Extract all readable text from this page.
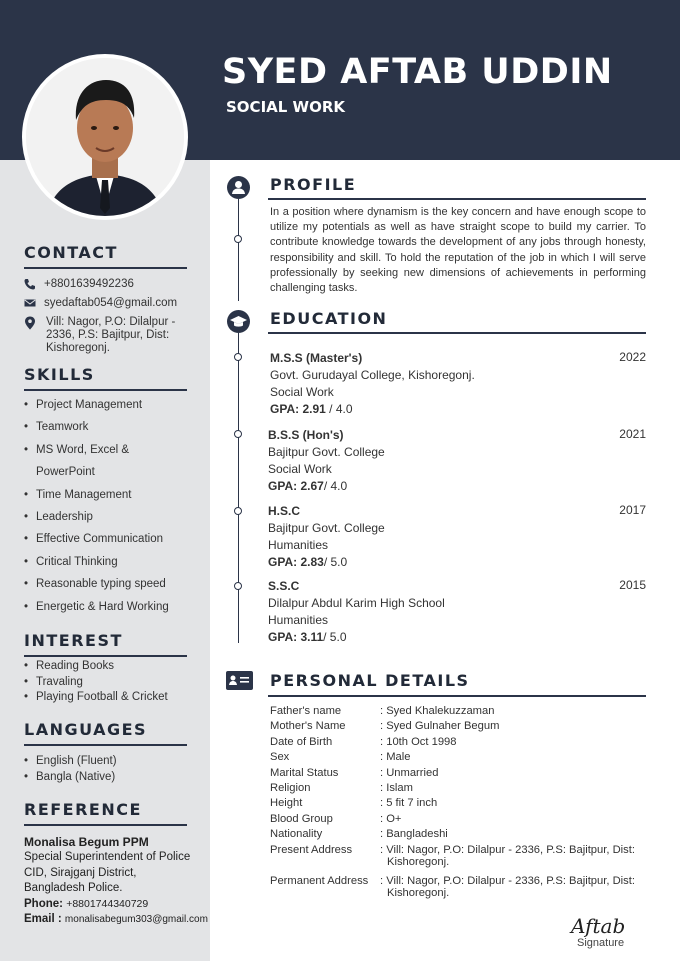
SYED AFTAB UDDIN
SOCIAL WORK
CONTACT
+8801639492236
syedaftab054@gmail.com
Vill: Nagor, P.O: Dilalpur -
2336, P.S: Bajitpur, Dist:
Kishoregonj.
SKILLS
• Project Management
• Teamwork
• MS Word, Excel &
PowerPoint
• Time Management
• Leadership
• Effective Communication
• Critical Thinking
• Reasonable typing speed
• Energetic & Hard Working
INTEREST
• Reading Books
• Travaling
• Playing Football & Cricket
LANGUAGES
• English (Fluent)
• Bangla (Native)
REFERENCE
Monalisa Begum PPM
Special Superintendent of Police
CID, Sirajganj District,
Bangladesh Police.
Phone: +8801744340729
Email : monalisabegum303@gmail.com
PROFILE
In a position where dynamism is the key concern and have enough scope to utilize my potentials as well as have straight scope to build my carrier. To contribute knowledge towards the development of any jobs through honesty, responsibility and skill. To hold the reputation of the job in which I will serve professionally by seeking new dimensions of achievements in performing challenging tasks.
EDUCATION
M.S.S (Master's)	2022
Govt. Gurudayal College, Kishoregonj.
Social Work
GPA: 2.91 / 4.0
B.S.S (Hon's)	2021
Bajitpur Govt. College
Social Work
GPA: 2.67/ 4.0
H.S.C	2017
Bajitpur Govt. College
Humanities
GPA: 2.83/ 5.0
S.S.C	2015
Dilalpur Abdul Karim High School
Humanities
GPA: 3.11/ 5.0
PERSONAL DETAILS
Father's name	: Syed Khalekuzzaman
Mother's Name	: Syed Gulnaher Begum
Date of Birth	: 10th Oct 1998
Sex	: Male
Marital Status	: Unmarried
Religion	: Islam
Height	: 5 fit 7 inch
Blood Group	: O+
Nationality	: Bangladeshi
Present Address	: Vill: Nagor, P.O: Dilalpur - 2336, P.S: Bajitpur, Dist:
Kishoregonj.
Permanent Address	: Vill: Nagor, P.O: Dilalpur - 2336, P.S: Bajitpur, Dist:
Kishoregonj.
Aftab
Signature
